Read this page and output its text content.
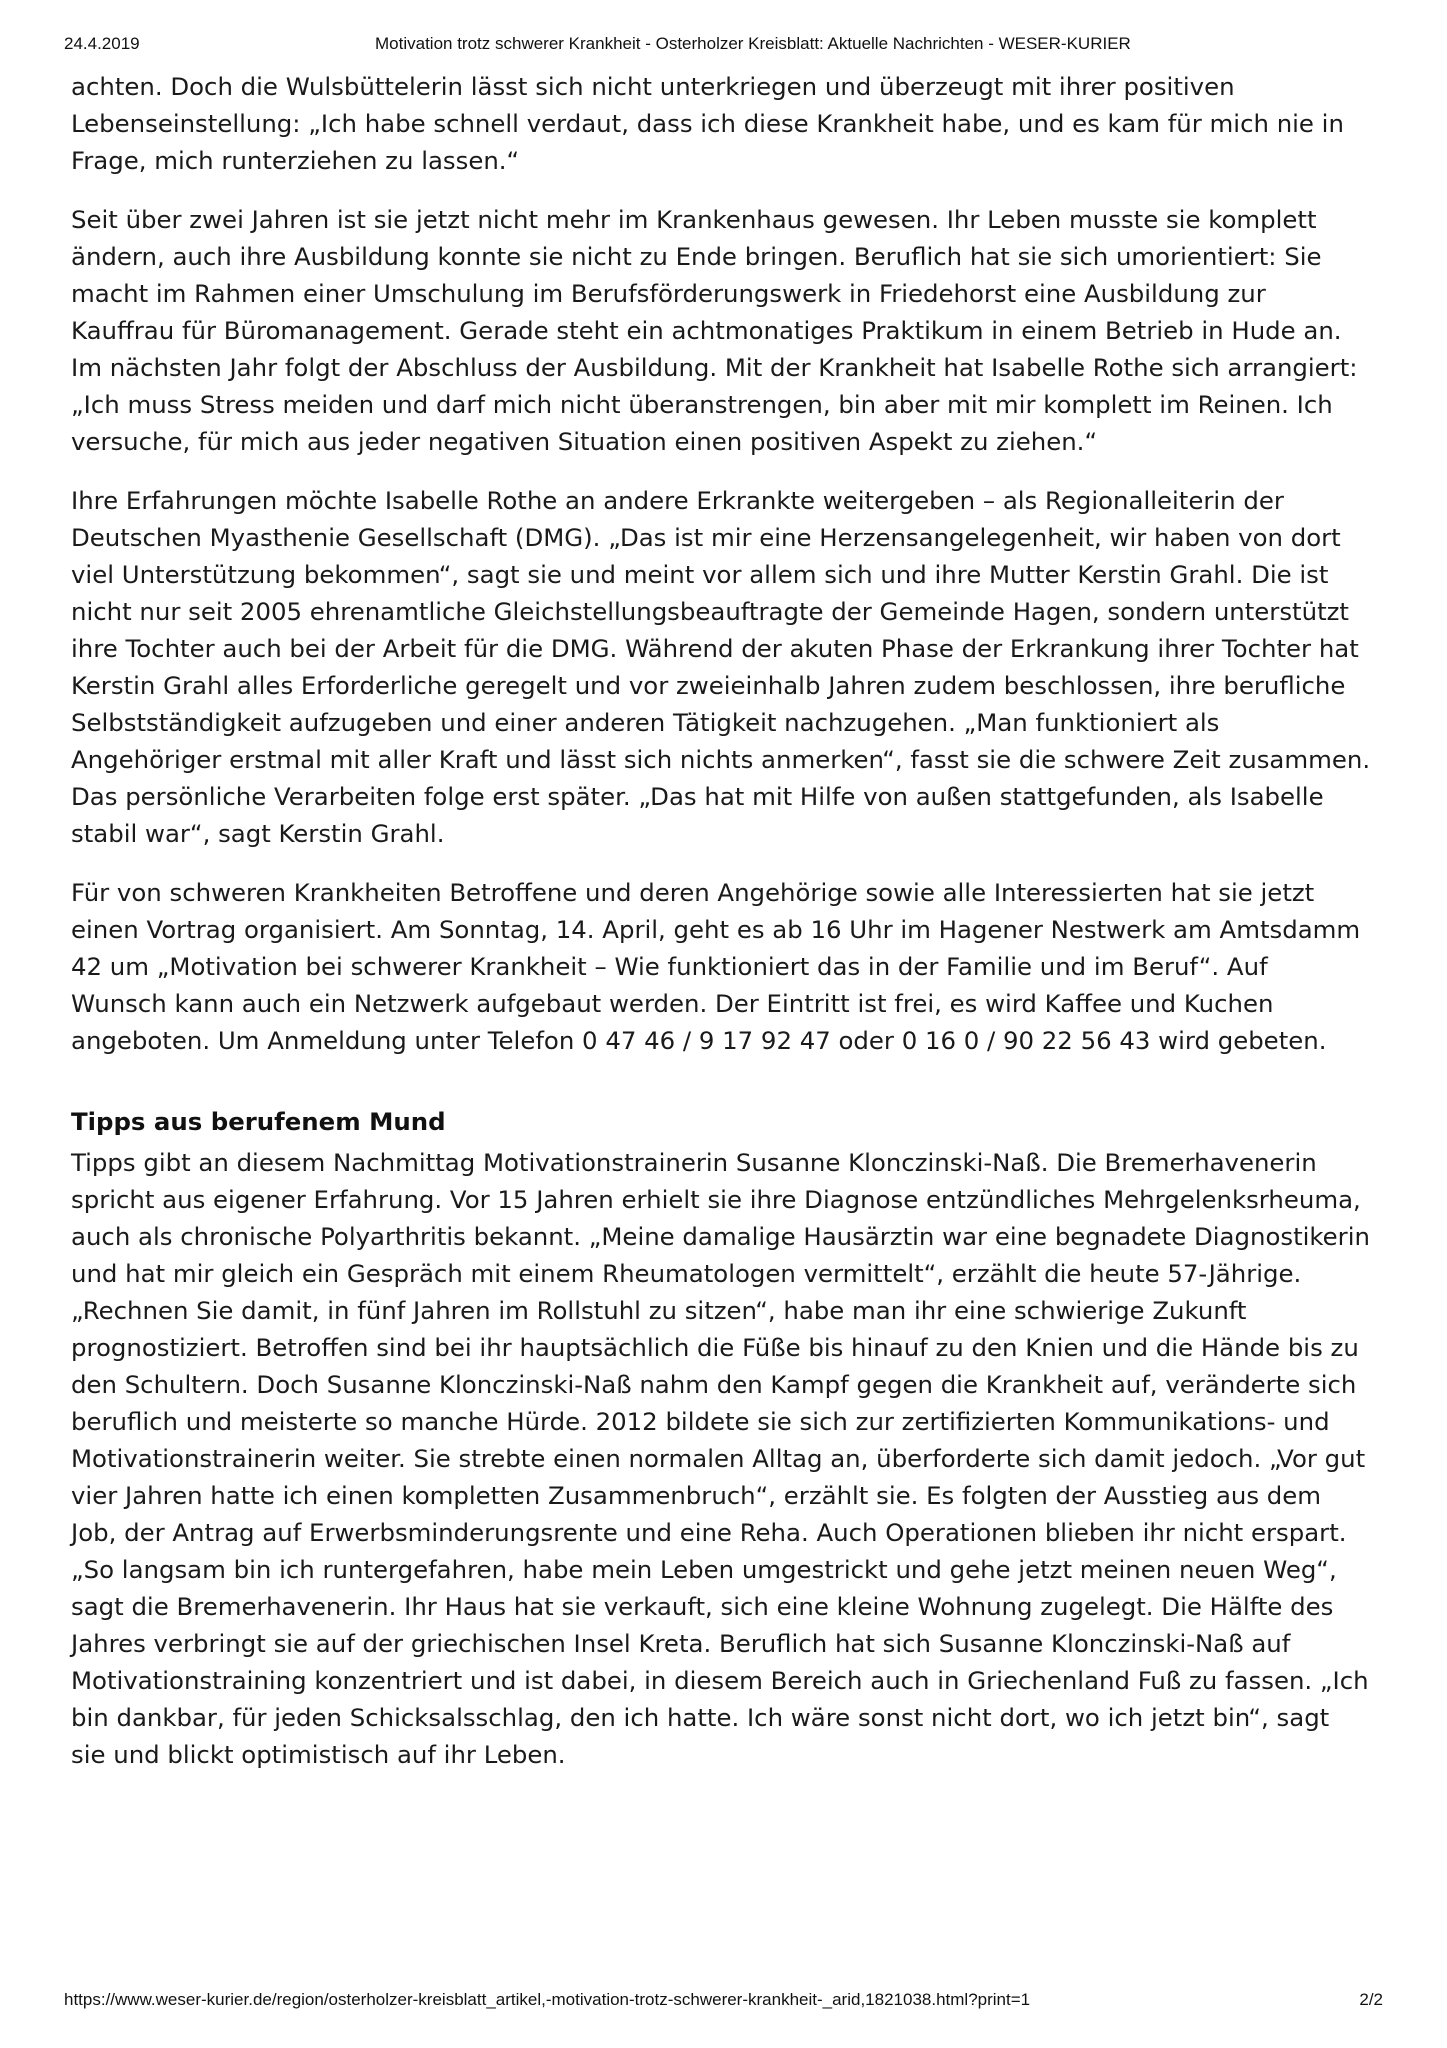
24.4.2019	Motivation trotz schwerer Krankheit - Osterholzer Kreisblatt: Aktuelle Nachrichten - WESER-KURIER

achten. Doch die Wulsbüttelerin lässt sich nicht unterkriegen und überzeugt mit ihrer positiven Lebenseinstellung: „Ich habe schnell verdaut, dass ich diese Krankheit habe, und es kam für mich nie in Frage, mich runterziehen zu lassen.“

Seit über zwei Jahren ist sie jetzt nicht mehr im Krankenhaus gewesen. Ihr Leben musste sie komplett ändern, auch ihre Ausbildung konnte sie nicht zu Ende bringen. Beruflich hat sie sich umorientiert: Sie macht im Rahmen einer Umschulung im Berufsförderungswerk in Friedehorst eine Ausbildung zur Kauffrau für Büromanagement. Gerade steht ein achtmonatiges Praktikum in einem Betrieb in Hude an. Im nächsten Jahr folgt der Abschluss der Ausbildung. Mit der Krankheit hat Isabelle Rothe sich arrangiert: „Ich muss Stress meiden und darf mich nicht überanstrengen, bin aber mit mir komplett im Reinen. Ich versuche, für mich aus jeder negativen Situation einen positiven Aspekt zu ziehen.“

Ihre Erfahrungen möchte Isabelle Rothe an andere Erkrankte weitergeben – als Regionalleiterin der Deutschen Myasthenie Gesellschaft (DMG). „Das ist mir eine Herzensangelegenheit, wir haben von dort viel Unterstützung bekommen“, sagt sie und meint vor allem sich und ihre Mutter Kerstin Grahl. Die ist nicht nur seit 2005 ehrenamtliche Gleichstellungsbeauftragte der Gemeinde Hagen, sondern unterstützt ihre Tochter auch bei der Arbeit für die DMG. Während der akuten Phase der Erkrankung ihrer Tochter hat Kerstin Grahl alles Erforderliche geregelt und vor zweieinhalb Jahren zudem beschlossen, ihre berufliche Selbstständigkeit aufzugeben und einer anderen Tätigkeit nachzugehen. „Man funktioniert als Angehöriger erstmal mit aller Kraft und lässt sich nichts anmerken“, fasst sie die schwere Zeit zusammen. Das persönliche Verarbeiten folge erst später. „Das hat mit Hilfe von außen stattgefunden, als Isabelle stabil war“, sagt Kerstin Grahl.

Für von schweren Krankheiten Betroffene und deren Angehörige sowie alle Interessierten hat sie jetzt einen Vortrag organisiert. Am Sonntag, 14. April, geht es ab 16 Uhr im Hagener Nestwerk am Amtsdamm 42 um „Motivation bei schwerer Krankheit – Wie funktioniert das in der Familie und im Beruf“. Auf Wunsch kann auch ein Netzwerk aufgebaut werden. Der Eintritt ist frei, es wird Kaffee und Kuchen angeboten. Um Anmeldung unter Telefon 0 47 46 / 9 17 92 47 oder 0 16 0 / 90 22 56 43 wird gebeten.

Tipps aus berufenem Mund

Tipps gibt an diesem Nachmittag Motivationstrainerin Susanne Klonczinski-Naß. Die Bremerhavenerin spricht aus eigener Erfahrung. Vor 15 Jahren erhielt sie ihre Diagnose entzündliches Mehrgelenksrheuma, auch als chronische Polyarthritis bekannt. „Meine damalige Hausärztin war eine begnadete Diagnostikerin und hat mir gleich ein Gespräch mit einem Rheumatologen vermittelt“, erzählt die heute 57-Jährige. „Rechnen Sie damit, in fünf Jahren im Rollstuhl zu sitzen“, habe man ihr eine schwierige Zukunft prognostiziert. Betroffen sind bei ihr hauptsächlich die Füße bis hinauf zu den Knien und die Hände bis zu den Schultern. Doch Susanne Klonczinski-Naß nahm den Kampf gegen die Krankheit auf, veränderte sich beruflich und meisterte so manche Hürde. 2012 bildete sie sich zur zertifizierten Kommunikations- und Motivationstrainerin weiter. Sie strebte einen normalen Alltag an, überforderte sich damit jedoch. „Vor gut vier Jahren hatte ich einen kompletten Zusammenbruch“, erzählt sie. Es folgten der Ausstieg aus dem Job, der Antrag auf Erwerbsminderungsrente und eine Reha. Auch Operationen blieben ihr nicht erspart. „So langsam bin ich runtergefahren, habe mein Leben umgestrickt und gehe jetzt meinen neuen Weg“, sagt die Bremerhavenerin. Ihr Haus hat sie verkauft, sich eine kleine Wohnung zugelegt. Die Hälfte des Jahres verbringt sie auf der griechischen Insel Kreta. Beruflich hat sich Susanne Klonczinski-Naß auf Motivationstraining konzentriert und ist dabei, in diesem Bereich auch in Griechenland Fuß zu fassen. „Ich bin dankbar, für jeden Schicksalsschlag, den ich hatte. Ich wäre sonst nicht dort, wo ich jetzt bin“, sagt sie und blickt optimistisch auf ihr Leben.

https://www.weser-kurier.de/region/osterholzer-kreisblatt_artikel,-motivation-trotz-schwerer-krankheit-_arid,1821038.html?print=1	2/2
